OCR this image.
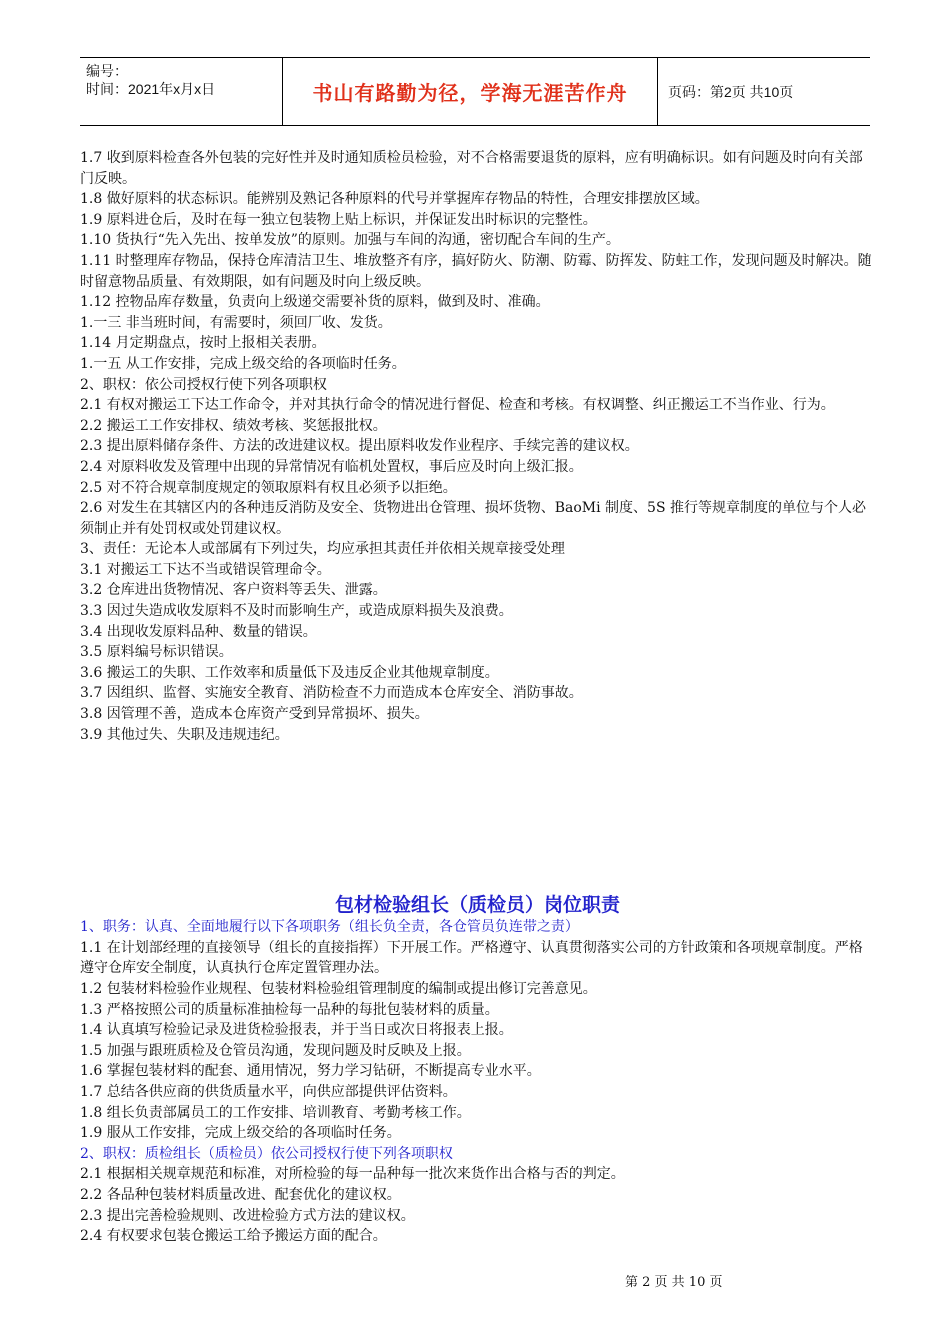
编号：
时间：2021年x月x日	书山有路勤为径，学海无涯苦作舟	页码：第2页 共10页
1.7 收到原料检查各外包装的完好性并及时通知质检员检验，对不合格需要退货的原料，应有明确标识。如有问题及时向有关部门反映。
1.8 做好原料的状态标识。能辨别及熟记各种原料的代号并掌握库存物品的特性，合理安排摆放区域。
1.9 原料进仓后，及时在每一独立包装物上贴上标识，并保证发出时标识的完整性。
1.10 货执行“先入先出、按单发放”的原则。加强与车间的沟通，密切配合车间的生产。
1.11 时整理库存物品，保持仓库清洁卫生、堆放整齐有序，搞好防火、防潮、防霉、防挥发、防蛀工作，发现问题及时解决。随时留意物品质量、有效期限，如有问题及时向上级反映。
1.12 控物品库存数量，负责向上级递交需要补货的原料，做到及时、准确。
1.一三 非当班时间，有需要时，须回厂收、发货。
1.14 月定期盘点，按时上报相关表册。
1.一五 从工作安排，完成上级交给的各项临时任务。
2、职权：依公司授权行使下列各项职权
2.1 有权对搬运工下达工作命令，并对其执行命令的情况进行督促、检查和考核。有权调整、纠正搬运工不当作业、行为。
2.2 搬运工工作安排权、绩效考核、奖惩报批权。
2.3 提出原料储存条件、方法的改进建议权。提出原料收发作业程序、手续完善的建议权。
2.4 对原料收发及管理中出现的异常情况有临机处置权，事后应及时向上级汇报。
2.5 对不符合规章制度规定的领取原料有权且必须予以拒绝。
2.6 对发生在其辖区内的各种违反消防及安全、货物进出仓管理、损坏货物、BaoMi 制度、5S 推行等规章制度的单位与个人必须制止并有处罚权或处罚建议权。
3、责任：无论本人或部属有下列过失，均应承担其责任并依相关规章接受处理
3.1 对搬运工下达不当或错误管理命令。
3.2 仓库进出货物情况、客户资料等丢失、泄露。
3.3 因过失造成收发原料不及时而影响生产，或造成原料损失及浪费。
3.4 出现收发原料品种、数量的错误。
3.5 原料编号标识错误。
3.6 搬运工的失职、工作效率和质量低下及违反企业其他规章制度。
3.7 因组织、监督、实施安全教育、消防检查不力而造成本仓库安全、消防事故。
3.8 因管理不善，造成本仓库资产受到异常损坏、损失。
3.9 其他过失、失职及违规违纪。
包材检验组长（质检员）岗位职责
1、职务：认真、全面地履行以下各项职务（组长负全责，各仓管员负连带之责）
1.1 在计划部经理的直接领导（组长的直接指挥）下开展工作。严格遵守、认真贯彻落实公司的方针政策和各项规章制度。严格遵守仓库安全制度，认真执行仓库定置管理办法。
1.2 包装材料检验作业规程、包装材料检验组管理制度的编制或提出修订完善意见。
1.3 严格按照公司的质量标准抽检每一品种的每批包装材料的质量。
1.4 认真填写检验记录及进货检验报表，并于当日或次日将报表上报。
1.5 加强与跟班质检及仓管员沟通，发现问题及时反映及上报。
1.6 掌握包装材料的配套、通用情况，努力学习钻研，不断提高专业水平。
1.7 总结各供应商的供货质量水平，向供应部提供评估资料。
1.8 组长负责部属员工的工作安排、培训教育、考勤考核工作。
1.9 服从工作安排，完成上级交给的各项临时任务。
2、职权：质检组长（质检员）依公司授权行使下列各项职权
2.1 根据相关规章规范和标准，对所检验的每一品种每一批次来货作出合格与否的判定。
2.2 各品种包装材料质量改进、配套优化的建议权。
2.3 提出完善检验规则、改进检验方式方法的建议权。
2.4 有权要求包装仓搬运工给予搬运方面的配合。
第 2 页 共 10 页
